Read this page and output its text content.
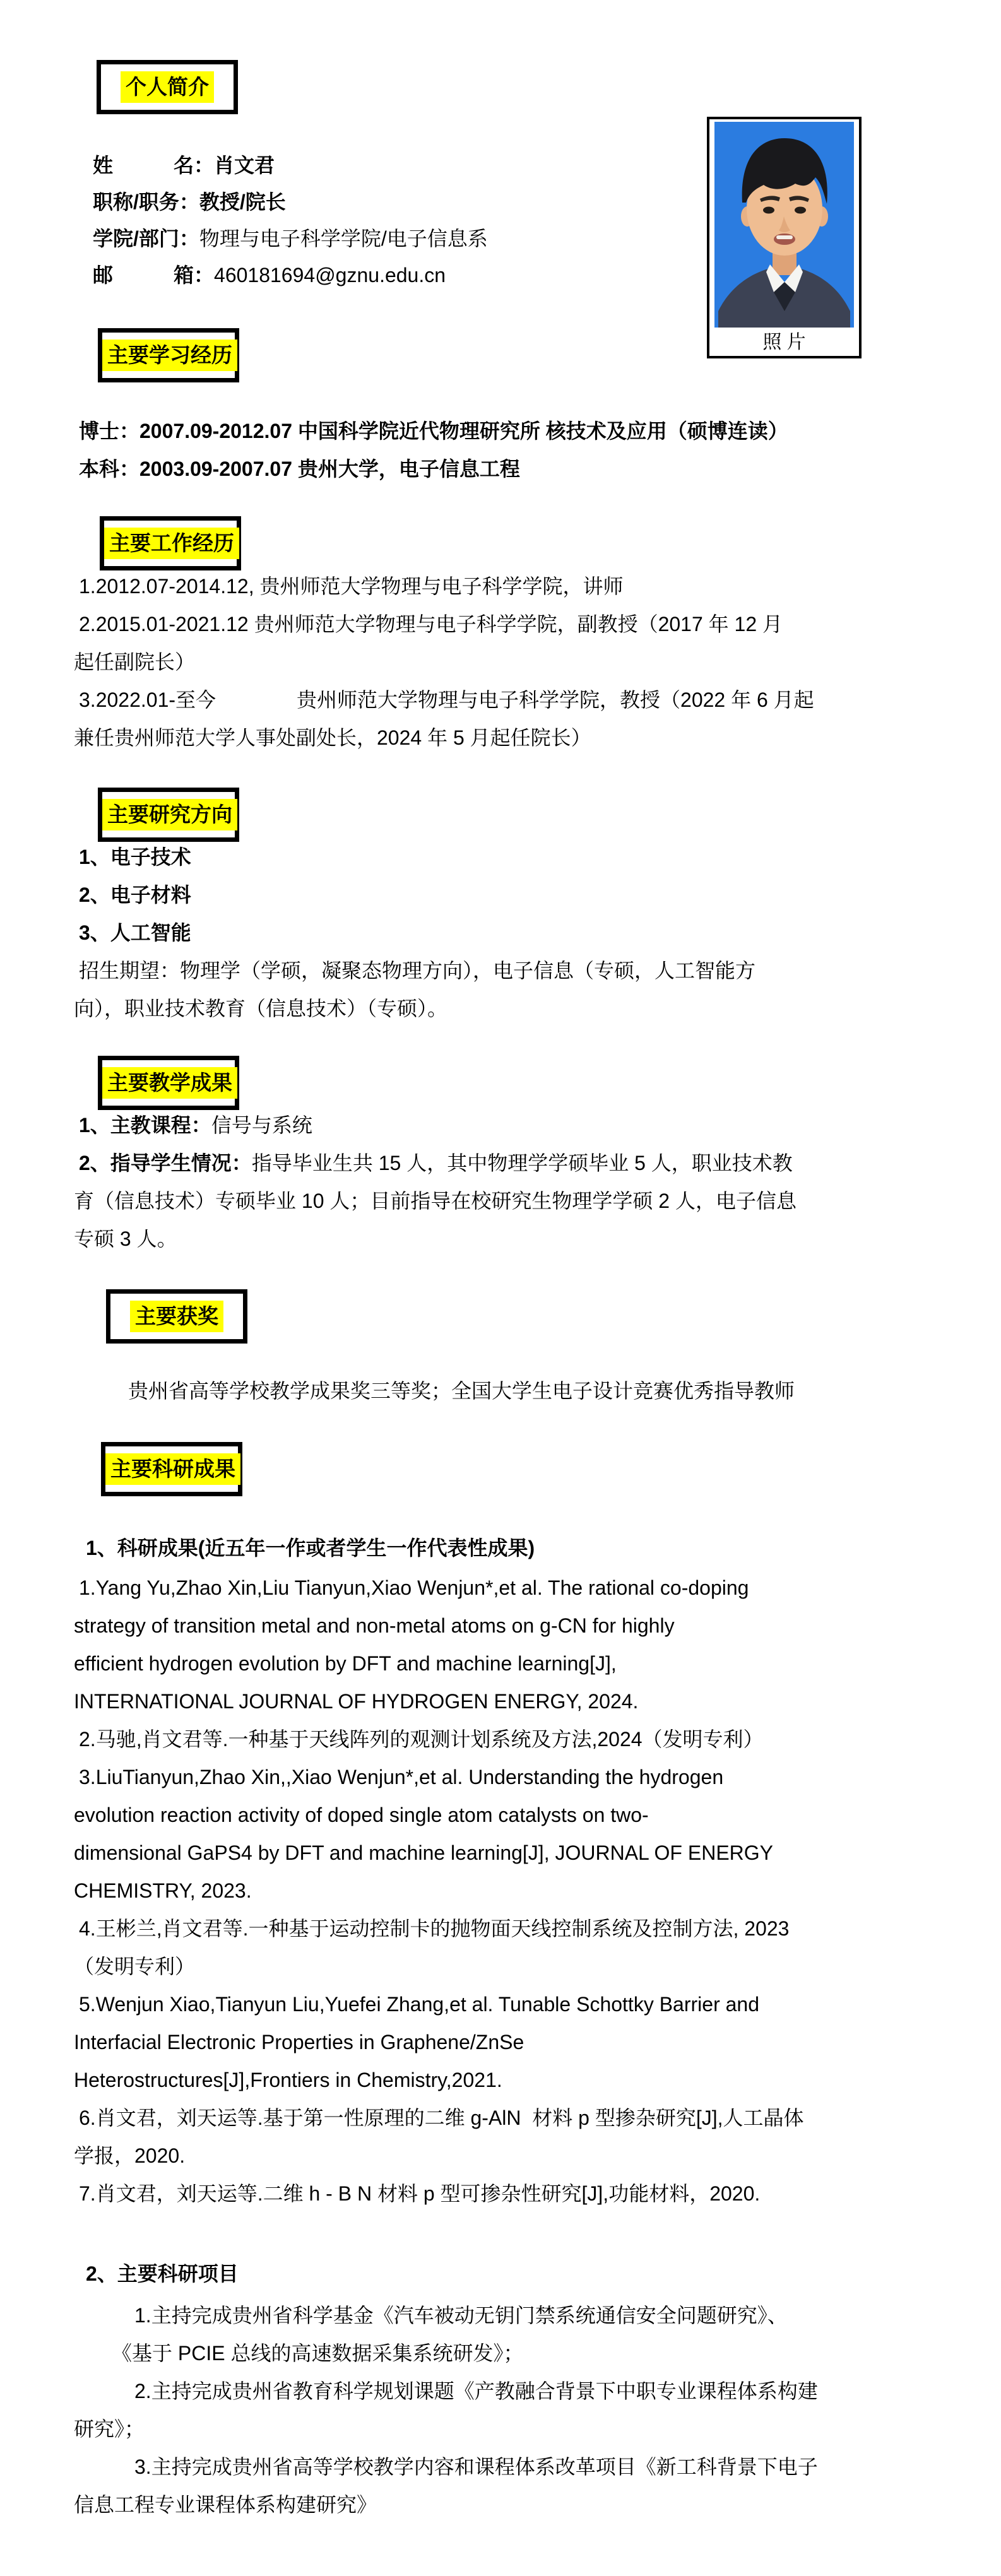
个人简介
主要学习经历
主要工作经历
主要研究方向
主要教学成果
主要获奖
主要科研成果
姓　　　名：肖文君
职称/职务：教授/院长
学院/部门：物理与电子科学学院/电子信息系
邮　　　箱：460181694@gznu.edu.cn
照 片
博士：2007.09-2012.07 中国科学院近代物理研究所 核技术及应用（硕博连读）
本科：2003.09-2007.07 贵州大学，电子信息工程
1.2012.07-2014.12, 贵州师范大学物理与电子科学学院，讲师
2.2015.01-2021.12 贵州师范大学物理与电子科学学院，副教授（2017 年 12 月
起任副院长）
3.2022.01-至今　　　　贵州师范大学物理与电子科学学院，教授（2022 年 6 月起
兼任贵州师范大学人事处副处长，2024 年 5 月起任院长）
1、电子技术
2、电子材料
3、人工智能
招生期望：物理学（学硕，凝聚态物理方向），电子信息（专硕，人工智能方
向），职业技术教育（信息技术）（专硕）。
1、主教课程：信号与系统
2、指导学生情况：指导毕业生共 15 人，其中物理学学硕毕业 5 人，职业技术教
育（信息技术）专硕毕业 10 人；目前指导在校研究生物理学学硕 2 人，电子信息
专硕 3 人。
贵州省高等学校教学成果奖三等奖；全国大学生电子设计竞赛优秀指导教师
1、科研成果(近五年一作或者学生一作代表性成果)
1.Yang Yu,Zhao Xin,Liu Tianyun,Xiao Wenjun*,et al. The rational co-doping
strategy of transition metal and non-metal atoms on g-CN for highly
efficient hydrogen evolution by DFT and machine learning[J],
INTERNATIONAL JOURNAL OF HYDROGEN ENERGY, 2024.
2.马驰,肖文君等.一种基于天线阵列的观测计划系统及方法,2024（发明专利）
3.LiuTianyun,Zhao Xin,,Xiao Wenjun*,et al. Understanding the hydrogen
evolution reaction activity of doped single atom catalysts on two-
dimensional GaPS4 by DFT and machine learning[J], JOURNAL OF ENERGY
CHEMISTRY, 2023.
4.王彬兰,肖文君等.一种基于运动控制卡的抛物面天线控制系统及控制方法, 2023
（发明专利）
5.Wenjun Xiao,Tianyun Liu,Yuefei Zhang,et al. Tunable Schottky Barrier and
Interfacial Electronic Properties in Graphene/ZnSe
Heterostructures[J],Frontiers in Chemistry,2021.
6.肖文君，刘天运等.基于第一性原理的二维 g-AlN  材料 p 型掺杂研究[J],人工晶体
学报，2020.
7.肖文君，刘天运等.二维 h - B N 材料 p 型可掺杂性研究[J],功能材料，2020.
2、主要科研项目
1.主持完成贵州省科学基金《汽车被动无钥门禁系统通信安全问题研究》、
《基于 PCIE 总线的高速数据采集系统研发》；
2.主持完成贵州省教育科学规划课题《产教融合背景下中职专业课程体系构建
研究》；
3.主持完成贵州省高等学校教学内容和课程体系改革项目《新工科背景下电子
信息工程专业课程体系构建研究》
